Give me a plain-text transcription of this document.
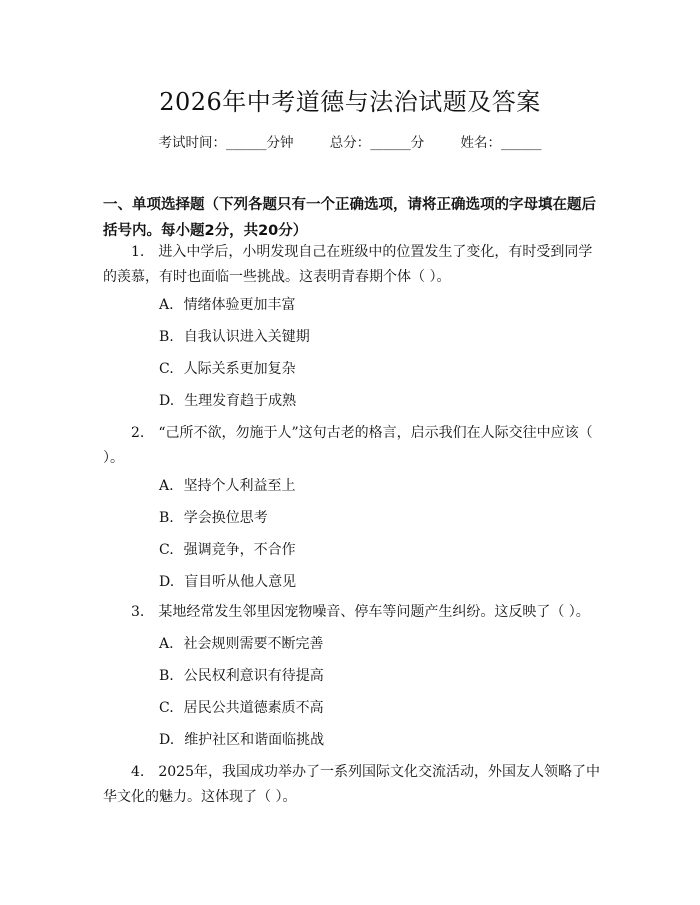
2026年中考道德与法治试题及答案
考试时间：______分钟	总分：______分	姓名：______
一、单项选择题（下列各题只有一个正确选项，请将正确选项的字母填在题后括号内。每小题2分，共20分）
1.　进入中学后，小明发现自己在班级中的位置发生了变化，有时受到同学的羡慕，有时也面临一些挑战。这表明青春期个体（ ）。
A. 情绪体验更加丰富
B. 自我认识进入关键期
C. 人际关系更加复杂
D. 生理发育趋于成熟
2.　“己所不欲，勿施于人”这句古老的格言，启示我们在人际交往中应该（ ）。
A. 坚持个人利益至上
B. 学会换位思考
C. 强调竞争，不合作
D. 盲目听从他人意见
3.　某地经常发生邻里因宠物噪音、停车等问题产生纠纷。这反映了（ ）。
A. 社会规则需要不断完善
B. 公民权利意识有待提高
C. 居民公共道德素质不高
D. 维护社区和谐面临挑战
4.　2025年，我国成功举办了一系列国际文化交流活动，外国友人领略了中华文化的魅力。这体现了（ ）。
